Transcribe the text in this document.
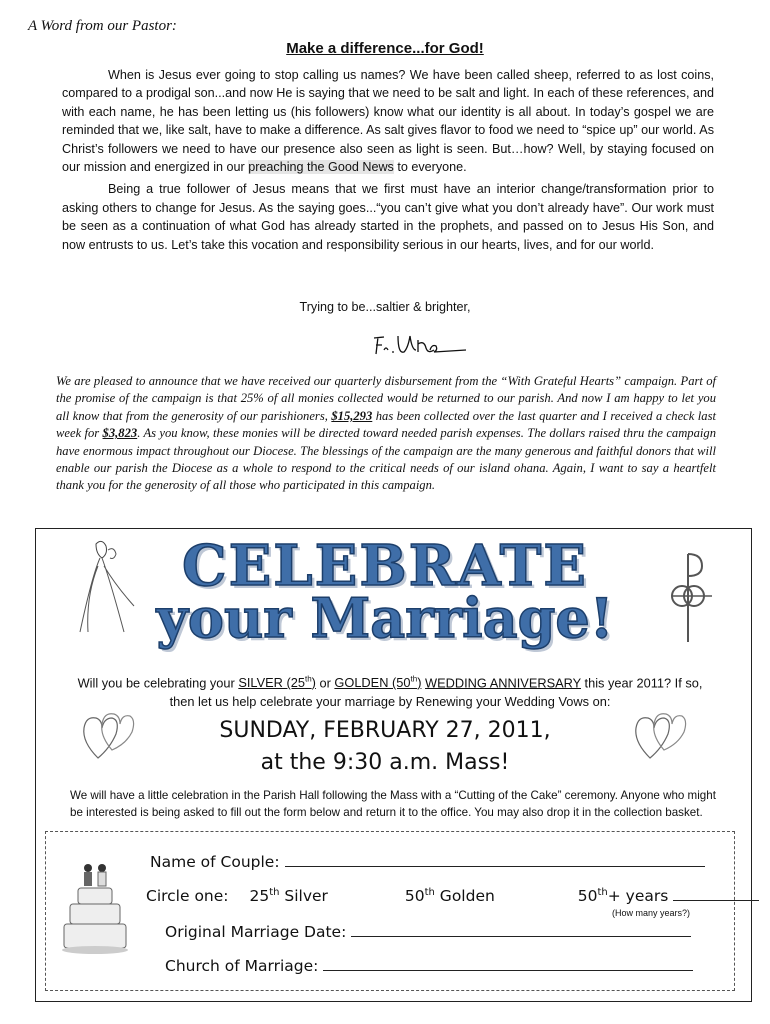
A Word from our Pastor:
Make a difference...for God!

When is Jesus ever going to stop calling us names? We have been called sheep, referred to as lost coins, compared to a prodigal son...and now He is saying that we need to be salt and light. In each of these references, and with each name, he has been letting us (his followers) know what our identity is all about. In today’s gospel we are reminded that we, like salt, have to make a difference. As salt gives flavor to food we need to “spice up” our world. As Christ’s followers we need to have our presence also seen as light is seen. But…how? Well, by staying focused on our mission and energized in our preaching the Good News to everyone.

Being a true follower of Jesus means that we first must have an interior change/transformation prior to asking others to change for Jesus. As the saying goes...“you can’t give what you don’t already have”. Our work must be seen as a continuation of what God has already started in the prophets, and passed on to Jesus His Son, and now entrusts to us. Let’s take this vocation and responsibility serious in our hearts, lives, and for our world.

Trying to be...saltier & brighter,
We are pleased to announce that we have received our quarterly disbursement from the “With Grateful Hearts” campaign. Part of the promise of the campaign is that 25% of all monies collected would be returned to our parish. And now I am happy to let you all know that from the generosity of our parishioners, $15,293 has been collected over the last quarter and I received a check last week for $3,823. As you know, these monies will be directed toward needed parish expenses. The dollars raised thru the campaign have enormous impact throughout our Diocese. The blessings of the campaign are the many generous and faithful donors that will enable our parish the Diocese as a whole to respond to the critical needs of our island ohana. Again, I want to say a heartfelt thank you for the generosity of all those who participated in this campaign.
CELEBRATE
your Marriage!
Will you be celebrating your SILVER (25th) or GOLDEN (50th) WEDDING ANNIVERSARY this year 2011? If so,
then let us help celebrate your marriage by Renewing your Wedding Vows on:
SUNDAY, FEBRUARY 27, 2011,
at the 9:30 a.m. Mass!
We will have a little celebration in the Parish Hall following the Mass with a “Cutting of the Cake” ceremony. Anyone who might be interested is being asked to fill out the form below and return it to the office. You may also drop it in the collection basket.
Name of Couple:
Circle one: 25th Silver	50th Golden	50th+ years
(How many years?)
Original Marriage Date:
Church of Marriage:
